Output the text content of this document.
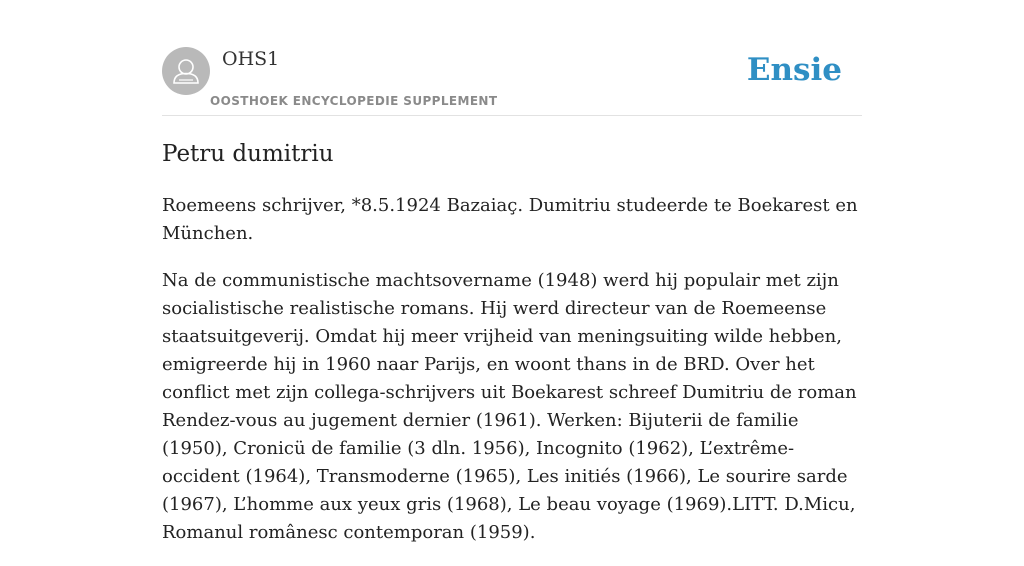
OHS1
OOSTHOEK ENCYCLOPEDIE SUPPLEMENT
Ensie
Petru dumitriu

Roemeens schrijver, *8.5.1924 Bazaiaç. Dumitriu studeerde te Boekarest en München.

Na de communistische machtsovername (1948) werd hij populair met zijn socialistische realistische romans. Hij werd directeur van de Roemeense staatsuitgeverij. Omdat hij meer vrijheid van meningsuiting wilde hebben, emigreerde hij in 1960 naar Parijs, en woont thans in de BRD. Over het conflict met zijn collega-schrijvers uit Boekarest schreef Dumitriu de roman Rendez-vous au jugement dernier (1961). Werken: Bijuterii de familie (1950), Cronicü de familie (3 dln. 1956), Incognito (1962), L’extrême-occident (1964), Transmoderne (1965), Les initiés (1966), Le sourire sarde (1967), L’homme aux yeux gris (1968), Le beau voyage (1969).LITT. D.Micu, Romanul românesc contemporan (1959).
